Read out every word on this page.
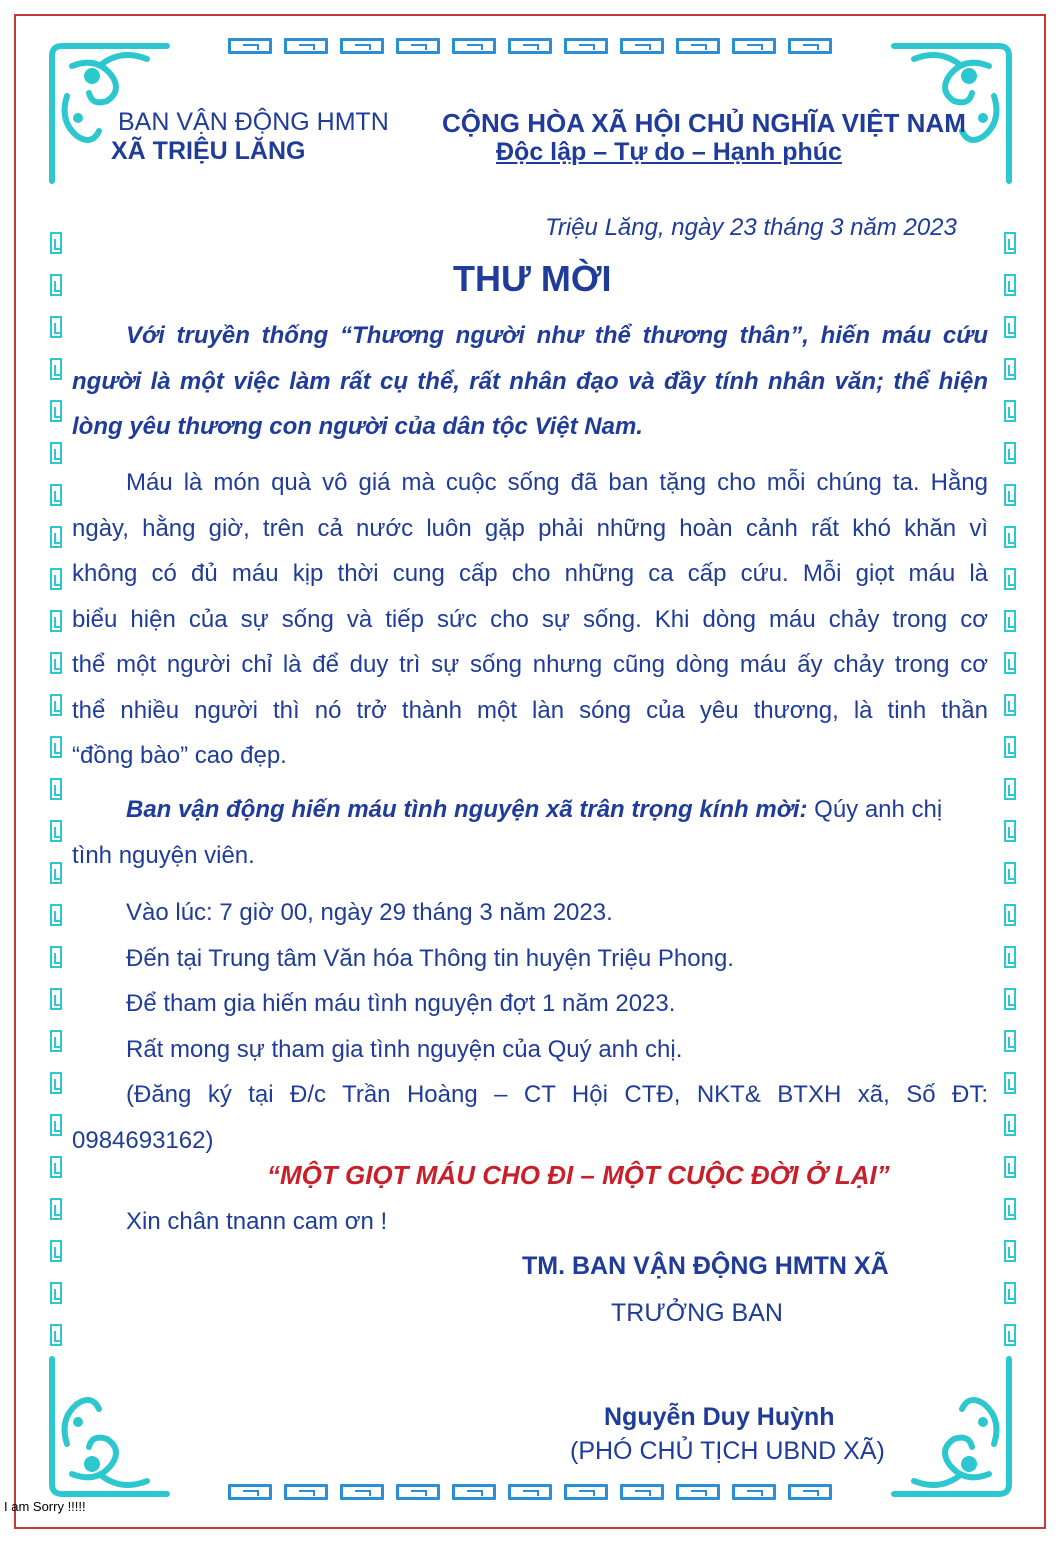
BAN VẬN ĐỘNG HMTN
XÃ TRIỆU LĂNG
CỘNG HÒA XÃ HỘI CHỦ NGHĨA VIỆT NAM
Độc lập – Tự do – Hạnh phúc
Triệu Lăng, ngày 23 tháng 3 năm 2023
THƯ MỜI
Với truyền thống “Thương người như thể thương thân”, hiến máu cứu
người là một việc làm rất cụ thể, rất nhân đạo và đầy tính nhân văn; thể hiện
lòng yêu thương con người của dân tộc Việt Nam.
Máu là món quà vô giá mà cuộc sống đã ban tặng cho mỗi chúng ta. Hằng
ngày, hằng giờ, trên cả nước luôn gặp phải những hoàn cảnh rất khó khăn vì
không có đủ máu kịp thời cung cấp cho những ca cấp cứu. Mỗi giọt máu là
biểu hiện của sự sống và tiếp sức cho sự sống. Khi dòng máu chảy trong cơ
thể một người chỉ là để duy trì sự sống nhưng cũng dòng máu ấy chảy trong cơ
thể nhiều người thì nó trở thành một làn sóng của yêu thương, là tinh thần
“đồng bào” cao đẹp.
Ban vận động hiến máu tình nguyện xã trân trọng kính mời: Qúy anh chị
tình nguyện viên.
Vào lúc: 7 giờ 00, ngày 29 tháng 3 năm 2023.
Đến tại Trung tâm Văn hóa Thông tin huyện Triệu Phong.
Để tham gia hiến máu tình nguyện đợt 1 năm 2023.
Rất mong sự tham gia tình nguyện của Quý anh chị.
(Đăng ký tại Đ/c Trần Hoàng – CT Hội CTĐ, NKT& BTXH xã, Số ĐT:
0984693162)
“MỘT GIỌT MÁU CHO ĐI – MỘT CUỘC ĐỜI Ở LẠI”
Xin chân tnann cam ơn !
TM. BAN VẬN ĐỘNG HMTN XÃ
TRƯỞNG BAN
Nguyễn Duy Huỳnh
(PHÓ CHỦ TỊCH UBND XÃ)
I am Sorry !!!!!
